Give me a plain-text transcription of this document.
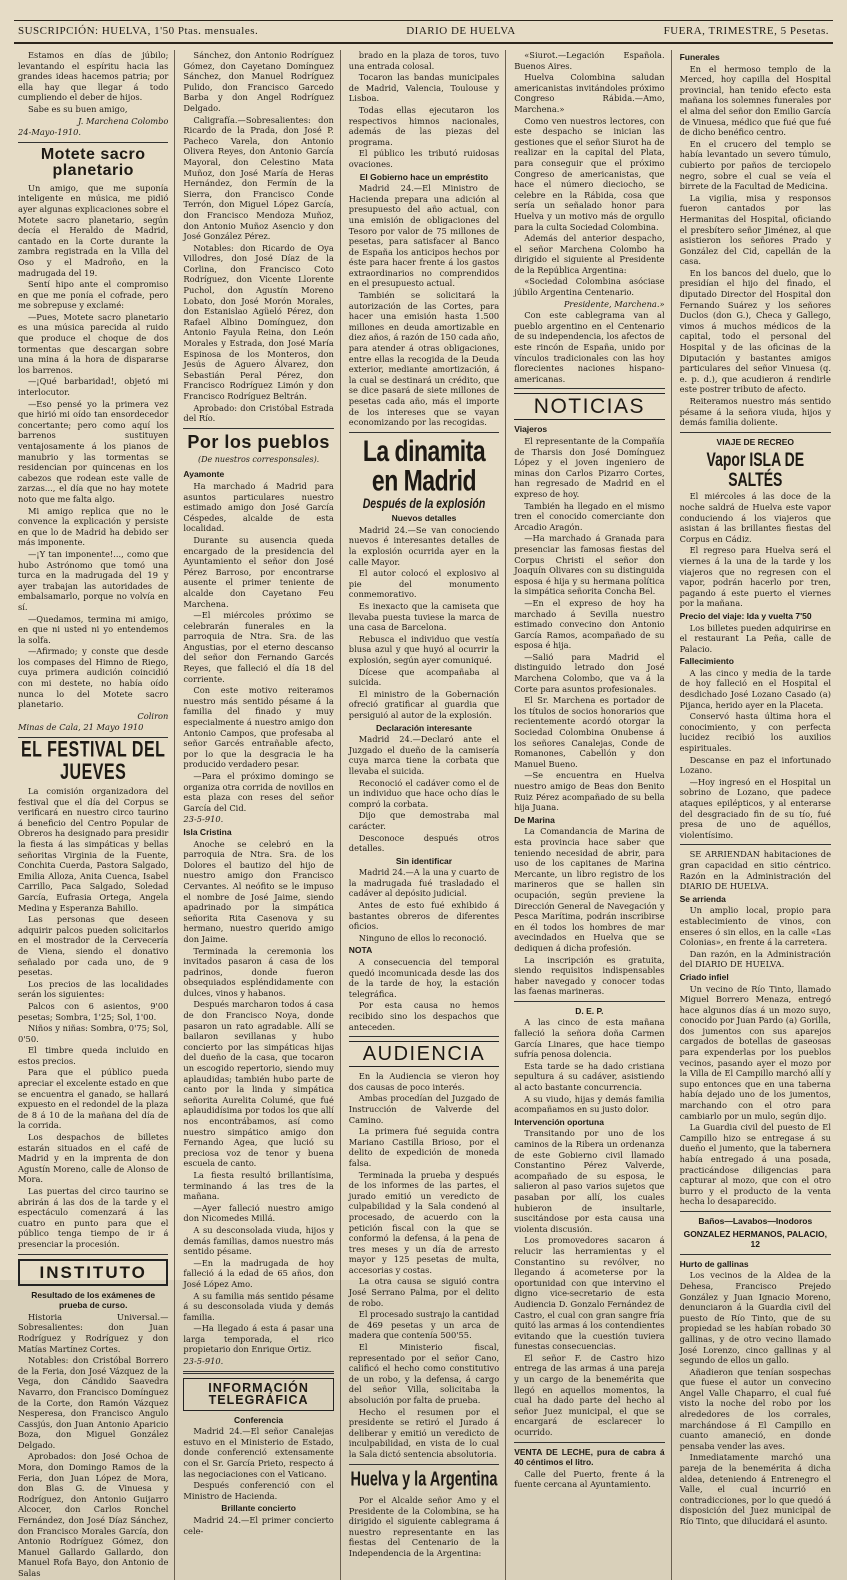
SUSCRIPCIÓN: HUELVA, 1'50 Ptas. mensuales.	DIARIO DE HUELVA	FUERA, TRIMESTRE, 5 Pesetas.

Estamos en días de júbilo; levantando el espíritu hacia las grandes ideas hacemos patria; por ella hay que llegar á todo cumpliendo el deber de hijos.

Sabe es su buen amigo,

J. Marchena Colombo

24-Mayo-1910.

Motete sacro planetario

Un amigo, que me suponía inteligente en música, me pidió ayer algunas explicaciones sobre el Motete sacro planetario, según decía el Heraldo de Madrid, cantado en la Corte durante la zambra registrada en la Villa del Oso y el Madroño, en la madrugada del 19.

Sentí hipo ante el compromiso en que me ponía el cofrade, pero me sobrepuse y exclamé:

—Pues, Motete sacro planetario es una música parecida al ruido que produce el choque de dos tormentas que descargan sobre una mina á la hora de dispararse los barrenos.

—¡Qué barbaridad!, objetó mi interlocutor.

—Eso pensé yo la primera vez que hirió mi oído tan ensordecedor concertante; pero como aquí los barrenos sustituyen ventajosamente á los pianos de manubrio y las tormentas se residencian por quincenas en los cabezos que rodean este valle de zarzas..., el día que no hay motete noto que me falta algo.

Mi amigo replica que no le convence la explicación y persiste en que lo de Madrid ha debido ser más imponente.

—¡Y tan imponente!..., como que hubo Astrónomo que tomó una turca en la madrugada del 19 y ayer trabajan las autoridades de embalsamarlo, porque no volvía en sí.

—Quedamos, termina mi amigo, en que ni usted ni yo entendemos la solfa.

—Afirmado; y conste que desde los compases del Himno de Riego, cuya primera audición coincidió con mi destete, no había oído nunca lo del Motete sacro planetario.

Coliron

Minas de Cala, 21 Mayo 1910

EL FESTIVAL DEL JUEVES

La comisión organizadora del festival que el día del Corpus se verificará en nuestro circo taurino á beneficio del Centro Popular de Obreros ha designado para presidir la fiesta á las simpáticas y bellas señoritas Virginia de la Fuente, Conchita Cuerda, Pastora Salgado, Emilia Alloza, Anita Cuenca, Isabel Carrillo, Paca Salgado, Soledad García, Eufrasia Ortega, Angela Medina y Esperanza Bahillo.

Las personas que deseen adquirir palcos pueden solicitarlos en el mostrador de la Cervecería de Viena, siendo el donativo señalado por cada uno, de 9 pesetas.

Los precios de las localidades serán los siguientes:

Palcos con 6 asientos, 9'00 pesetas; Sombra, 1'25; Sol, 1'00.

Niños y niñas: Sombra, 0'75; Sol, 0'50.

El timbre queda incluido en estos precios.

Para que el público pueda apreciar el excelente estado en que se encuentra el ganado, se hallará expuesto en el redondel de la plaza de 8 á 10 de la mañana del día de la corrida.

Los despachos de billetes estarán situados en el café de Madrid y en la imprenta de don Agustín Moreno, calle de Alonso de Mora.

Las puertas del circo taurino se abrirán á las dos de la tarde y el espectáculo comenzará á las cuatro en punto para que el público tenga tiempo de ir á presenciar la procesión.

INSTITUTO

Resultado de los exámenes de prueba de curso.

Historia Universal.—Sobresalientes: don Juan Rodríguez y Rodríguez y don Matías Martínez Cortes.

Notables: don Cristóbal Borrero de la Feria, don José Vázquez de la Vega, don Cándido Saavedra Navarro, don Francisco Domínguez de la Corte, don Ramón Vázquez Nesperesa, don Francisco Angulo Cassjús, don Juan Antonio Aparicio Boza, don Miguel González Delgado.

Aprobados: don José Ochoa de Mora, don Domingo Ramos de la Feria, don Juan López de Mora, don Blas G. de Vinuesa y Rodríguez, don Antonio Guijarro Alcocer, don Carlos Ronchel Fernández, don José Díaz Sánchez, don Francisco Morales García, don Antonio Rodríguez Gómez, don Manuel Gallardo Gallardo, don Manuel Rofa Bayo, don Antonio de Salas

Sánchez, don Antonio Rodríguez Gómez, don Cayetano Domínguez Sánchez, don Manuel Rodríguez Pulido, don Francisco Garcedo Barba y don Angel Rodríguez Delgado.

Caligrafía.—Sobresalientes: don Ricardo de la Prada, don José P. Pacheco Varela, don Antonio Olivera Reyes, don Antonio García Mayoral, don Celestino Mata Muñoz, don José María de Heras Hernández, don Fermín de la Sierra, don Francisco Conde Terrón, don Miguel López García, don Francisco Mendoza Muñoz, don Antonio Muñoz Asencio y don José González Pérez.

Notables: don Ricardo de Oya Villodres, don José Díaz de la Corlina, don Francisco Coto Rodríguez, don Vicente Llorente Puchol, don Agustín Moreno Lobato, don José Morón Morales, don Estanislao Agüeló Pérez, don Rafael Albino Domínguez, don Antonio Fayula Reina, don León Morales y Estrada, don José María Espinosa de los Monteros, don Jesús de Aguero Álvarez, don Sebastián Peral Pérez, don Francisco Rodríguez Limón y don Francisco Rodríguez Beltrán.

Aprobado: don Cristóbal Estrada del Río.

Por los pueblos

(De nuestros corresponsales).

Ayamonte

Ha marchado á Madrid para asuntos particulares nuestro estimado amigo don José García Céspedes, alcalde de esta localidad.

Durante su ausencia queda encargado de la presidencia del Ayuntamiento el señor don José Pérez Barroso, por encontrarse ausente el primer teniente de alcalde don Cayetano Feu Marchena.

—El miércoles próximo se celebrarán funerales en la parroquia de Ntra. Sra. de las Angustias, por el eterno descanso del señor don Fernando Garcés Reyes, que falleció el día 18 del corriente.

Con este motivo reiteramos nuestro más sentido pésame á la familia del finado y muy especialmente á nuestro amigo don Antonio Campos, que profesaba al señor Garcés entrañable afecto, por lo que la desgracia le ha producido verdadero pesar.

—Para el próximo domingo se organiza otra corrida de novillos en esta plaza con reses del señor García del Cid.

23-5-910.

Isla Cristina

Anoche se celebró en la parroquia de Ntra. Sra. de los Dolores el bautizo del hijo de nuestro amigo don Francisco Cervantes. Al neófito se le impuso el nombre de José Jaime, siendo apadrinado por la simpática señorita Rita Casenova y su hermano, nuestro querido amigo don Jaime.

Terminada la ceremonia los invitados pasaron á casa de los padrinos, donde fueron obsequiados espléndidamente con dulces, vinos y habanos.

Después marcharon todos á casa de don Francisco Noya, donde pasaron un rato agradable. Allí se bailaron sevillanas y hubo concierto por las simpáticas hijas del dueño de la casa, que tocaron un escogido repertorio, siendo muy aplaudidas; también hubo parte de canto por la linda y simpática señorita Aurelita Columé, que fué aplaudidísima por todos los que allí nos encontrábamos, así como nuestro simpático amigo don Fernando Agea, que lució su preciosa voz de tenor y buena escuela de canto.

La fiesta resultó brillantísima, terminando á las tres de la mañana.

—Ayer falleció nuestro amigo don Nicomedes Millá.

A su desconsolada viuda, hijos y demás familias, damos nuestro más sentido pésame.

—En la madrugada de hoy falleció á la edad de 65 años, don José López Amo.

A su familia más sentido pésame á su desconsolada viuda y demás familia.

—Ha llegado á esta á pasar una larga temporada, el rico propietario don Enrique Ortiz.

23-5-910.

INFORMACIÓN TELEGRÁFICA

Conferencia

Madrid 24.—El señor Canalejas estuvo en el Ministerio de Estado, donde conferenció extensamente con el Sr. García Prieto, respecto á las negociaciones con el Vaticano.

Después conferenció con el Ministro de Hacienda.

Brillante concierto

Madrid 24.—El primer concierto cele-

brado en la plaza de toros, tuvo una entrada colosal.

Tocaron las bandas municipales de Madrid, Valencia, Toulouse y Lisboa.

Todas ellas ejecutaron los respectivos himnos nacionales, además de las piezas del programa.

El público les tributó ruidosas ovaciones.

El Gobierno hace un empréstito

Madrid 24.—El Ministro de Hacienda prepara una adición al presupuesto del año actual, con una emisión de obligaciones del Tesoro por valor de 75 millones de pesetas, para satisfacer al Banco de España los anticipos hechos por éste para hacer frente á los gastos extraordinarios no comprendidos en el presupuesto actual.

También se solicitará la autorización de las Cortes, para hacer una emisión hasta 1.500 millones en deuda amortizable en diez años, á razón de 150 cada año, para atender á otras obligaciones, entre ellas la recogida de la Deuda exterior, mediante amortización, á la cual se destinará un crédito, que se dice pasará de siete millones de pesetas cada año, más el importe de los intereses que se vayan economizando por las recogidas.

La dinamita en Madrid
Después de la explosión

Nuevos detalles

Madrid 24.—Se van conociendo nuevos é interesantes detalles de la explosión ocurrida ayer en la calle Mayor.

El autor colocó el explosivo al pie del monumento conmemorativo.

Es inexacto que la camiseta que llevaba puesta tuviese la marca de una casa de Barcelona.

Rebusca el individuo que vestía blusa azul y que huyó al ocurrir la explosión, según ayer comuniqué.

Dícese que acompañaba al suicida.

El ministro de la Gobernación ofreció gratificar al guardia que persiguió al autor de la explosión.

Declaración interesante

Madrid 24.—Declaró ante el Juzgado el dueño de la camisería cuya marca tiene la corbata que llevaba el suicida.

Reconoció el cadáver como el de un individuo que hace ocho días le compró la corbata.

Dijo que demostraba mal carácter.

Desconoce después otros detalles.

Sin identificar

Madrid 24.—A la una y cuarto de la madrugada fué trasladado el cadáver al depósito judicial.

Antes de esto fué exhibido á bastantes obreros de diferentes oficios.

Ninguno de ellos lo reconoció.

NOTA

A consecuencia del temporal quedó incomunicada desde las dos de la tarde de hoy, la estación telegráfica.

Por esta causa no hemos recibido sino los despachos que anteceden.

AUDIENCIA

En la Audiencia se vieron hoy dos causas de poco interés.

Ambas procedían del Juzgado de Instrucción de Valverde del Camino.

La primera fué seguida contra Mariano Castilla Brioso, por el delito de expedición de moneda falsa.

Terminada la prueba y después de los informes de las partes, el jurado emitió un veredicto de culpabilidad y la Sala condenó al procesado, de acuerdo con la petición fiscal con la que se conformó la defensa, á la pena de tres meses y un día de arresto mayor y 125 pesetas de multa, accesorias y costas.

La otra causa se siguió contra José Serrano Palma, por el delito de robo.

El procesado sustrajo la cantidad de 469 pesetas y un arca de madera que contenía 500'55.

El Ministerio fiscal, representado por el señor Cano, calificó el hecho como constitutivo de un robo, y la defensa, á cargo del señor Villa, solicitaba la absolución por falta de prueba.

Hecho el resumen por el presidente se retiró el Jurado á deliberar y emitió un veredicto de inculpabilidad, en vista de lo cual la Sala dictó sentencia absolutoria.

Huelva y la Argentina

Por el Alcalde señor Amo y el Presidente de la Colombina, se ha dirigido el siguiente cablegrama á nuestro representante en las fiestas del Centenario de la Independencia de la Argentina:

«Siurot.—Legación Española. Buenos Aires.

Huelva Colombina saludan americanistas invitándoles próximo Congreso Rábida.—Amo, Marchena.»

Como ven nuestros lectores, con este despacho se inician las gestiones que el señor Siurot ha de realizar en la capital del Plata, para conseguir que el próximo Congreso de americanistas, que hace el número dieciocho, se celebre en la Rábida, cosa que sería un señalado honor para Huelva y un motivo más de orgullo para la culta Sociedad Colombina.

Además del anterior despacho, el señor Marchena Colombo ha dirigido el siguiente al Presidente de la República Argentina:

«Sociedad Colombina asóciase júbilo Argentina Centenario.

Presidente, Marchena.»

Con este cablegrama van al pueblo argentino en el Centenario de su independencia, los afectos de este rincón de España, unido por vínculos tradicionales con las hoy florecientes naciones hispano-americanas.

NOTICIAS

Viajeros

El representante de la Compañía de Tharsis don José Domínguez López y el joven ingeniero de minas don Carlos Pizarro Cortes, han regresado de Madrid en el expreso de hoy.

También ha llegado en el mismo tren el conocido comerciante don Arcadio Aragón.

—Ha marchado á Granada para presenciar las famosas fiestas del Corpus Christi el señor don Joaquín Olivares con su distinguida esposa é hija y su hermana política la simpática señorita Concha Bel.

—En el expreso de hoy ha marchado á Sevilla nuestro estimado convecino don Antonio García Ramos, acompañado de su esposa é hija.

—Salió para Madrid el distinguido letrado don José Marchena Colombo, que va á la Corte para asuntos profesionales.

El Sr. Marchena es portador de los títulos de socios honorarios que recientemente acordó otorgar la Sociedad Colombina Onubense á los señores Canalejas, Conde de Romanones, Cabellón y don Manuel Bueno.

—Se encuentra en Huelva nuestro amigo de Beas don Benito Ruiz Pérez acompañado de su bella hija Juana.

De Marina

La Comandancia de Marina de esta provincia hace saber que teniendo necesidad de abrir, para uso de los capitanes de Marina Mercante, un libro registro de los marineros que se hallen sin ocupación, según previene la Dirección General de Navegación y Pesca Marítima, podrán inscribirse en él todos los hombres de mar avecindados en Huelva que se dediquen á dicha profesión.

La inscripción es gratuita, siendo requisitos indispensables haber navegado y conocer todas las faenas marineras.

D. E. P.

A las cinco de esta mañana falleció la señora doña Carmen García Linares, que hace tiempo sufría penosa dolencia.

Esta tarde se ha dado cristiana sepultura á su cadáver, asistiendo al acto bastante concurrencia.

A su viudo, hijas y demás familia acompañamos en su justo dolor.

Intervención oportuna

Transitando por uno de los caminos de la Ribera un ordenanza de este Gobierno civil llamado Constantino Pérez Valverde, acompañado de su esposa, le salieron al paso varios sujetos que pasaban por allí, los cuales hubieron de insultarle, suscitándose por esta causa una violenta discusión.

Los promovedores sacaron á relucir las herramientas y el Constantino su revólver, no llegando á acometerse por la oportunidad con que intervino el digno vice-secretario de esta Audiencia D. Gonzalo Fernández de Castro, el cual con gran sangre fría quitó las armas á los contendientes evitando que la cuestión tuviera funestas consecuencias.

El señor F. de Castro hizo entrega de las armas á una pareja y un cargo de la benemérita que llegó en aquellos momentos, la cual ha dado parte del hecho al señor Juez municipal, el que se encargará de esclarecer lo ocurrido.

VENTA DE LECHE, pura de cabra á 40 céntimos el litro.

Calle del Puerto, frente á la fuente cercana al Ayuntamiento.

Funerales

En el hermoso templo de la Merced, hoy capilla del Hospital provincial, han tenido efecto esta mañana los solemnes funerales por el alma del señor don Emilio García de Vinuesa, médico que fué que fué de dicho benéfico centro.

En el crucero del templo se había levantado un severo túmulo, cubierto por paños de terciopelo negro, sobre el cual se veía el birrete de la Facultad de Medicina.

La vigilia, misa y responsos fueron cantados por las Hermanitas del Hospital, oficiando el presbítero señor Jiménez, al que asistieron los señores Prado y González del Cid, capellán de la casa.

En los bancos del duelo, que lo presidían el hijo del finado, el diputado Director del Hospital don Fernando Suárez y los señores Duclos (don G.), Checa y Gallego, vimos á muchos médicos de la capital, todo el personal del Hospital y de las oficinas de la Diputación y bastantes amigos particulares del señor Vinuesa (q. e. p. d.), que acudieron á rendirle este postrer tributo de afecto.

Reiteramos nuestro más sentido pésame á la señora viuda, hijos y demás familia doliente.

VIAJE DE RECREO

Vapor ISLA DE SALTÉS

El miércoles á las doce de la noche saldrá de Huelva este vapor conduciendo á los viajeros que asistan á las brillantes fiestas del Corpus en Cádiz.

El regreso para Huelva será el viernes á la una de la tarde y los viajeros que no regresen con el vapor, podrán hacerlo por tren, pagando á este puerto el viernes por la mañana.

Precio del viaje: Ida y vuelta 7'50

Los billetes pueden adquirirse en el restaurant La Peña, calle de Palacio.

Fallecimiento

A las cinco y media de la tarde de hoy falleció en el Hospital el desdichado José Lozano Casado (a) Pijanca, herido ayer en la Placeta.

Conservó hasta última hora el conocimiento, y con perfecta lucidez recibió los auxilios espirituales.

Descanse en paz el infortunado Lozano.

—Hoy ingresó en el Hospital un sobrino de Lozano, que padece ataques epilépticos, y al enterarse del desgraciado fin de su tío, fué presa de uno de aquéllos, violentísimo.

SE ARRIENDAN habitaciones de gran capacidad en sitio céntrico. Razón en la Administración del DIARIO DE HUELVA.

Se arrienda

Un amplio local, propio para establecimiento de vinos, con enseres ó sin ellos, en la calle «Las Colonias», en frente á la carretera.

Dan razón, en la Administración del DIARIO DE HUELVA.

Criado infiel

Un vecino de Río Tinto, llamado Miguel Borrero Menaza, entregó hace algunos días á un mozo suyo, conocido por Juan Pardo (a) Gorilla, dos jumentos con sus aparejos cargados de botellas de gaseosas para expenderlas por los pueblos vecinos, pasando ayer el mozo por la Villa de El Campillo marchó allí y supo entonces que en una taberna había dejado uno de los jumentos, marchando con el otro para cambiarlo por un mulo, según dijo.

La Guardia civil del puesto de El Campillo hizo se entregase á su dueño el jumento, que la tabernera había entregado á una posada, practicándose diligencias para capturar al mozo, que con el otro burro y el producto de la venta hecha lo desaparecido.

Baños—Lavabos—Inodoros

GONZALEZ HERMANOS, PALACIO, 12

Hurto de gallinas

Los vecinos de la Aldea de la Dehesa, Francisco Prejedo González y Juan Ignacio Moreno, denunciaron á la Guardia civil del puesto de Río Tinto, que de su propiedad se les habían robado 30 gallinas, y de otro vecino llamado José Lorenzo, cinco gallinas y al segundo de ellos un gallo.

Añadieron que tenían sospechas que fuese el autor un convecino Angel Valle Chaparro, el cual fué visto la noche del robo por los alrededores de los corrales, marchándose á El Campillo en cuanto amaneció, en donde pensaba vender las aves.

Inmediatamente marchó una pareja de la benemérita á dicha aldea, deteniendo á Entrenegro el Valle, el cual incurrió en contradicciones, por lo que quedó á disposición del Juez municipal de Río Tinto, que dilucidará el asunto.
